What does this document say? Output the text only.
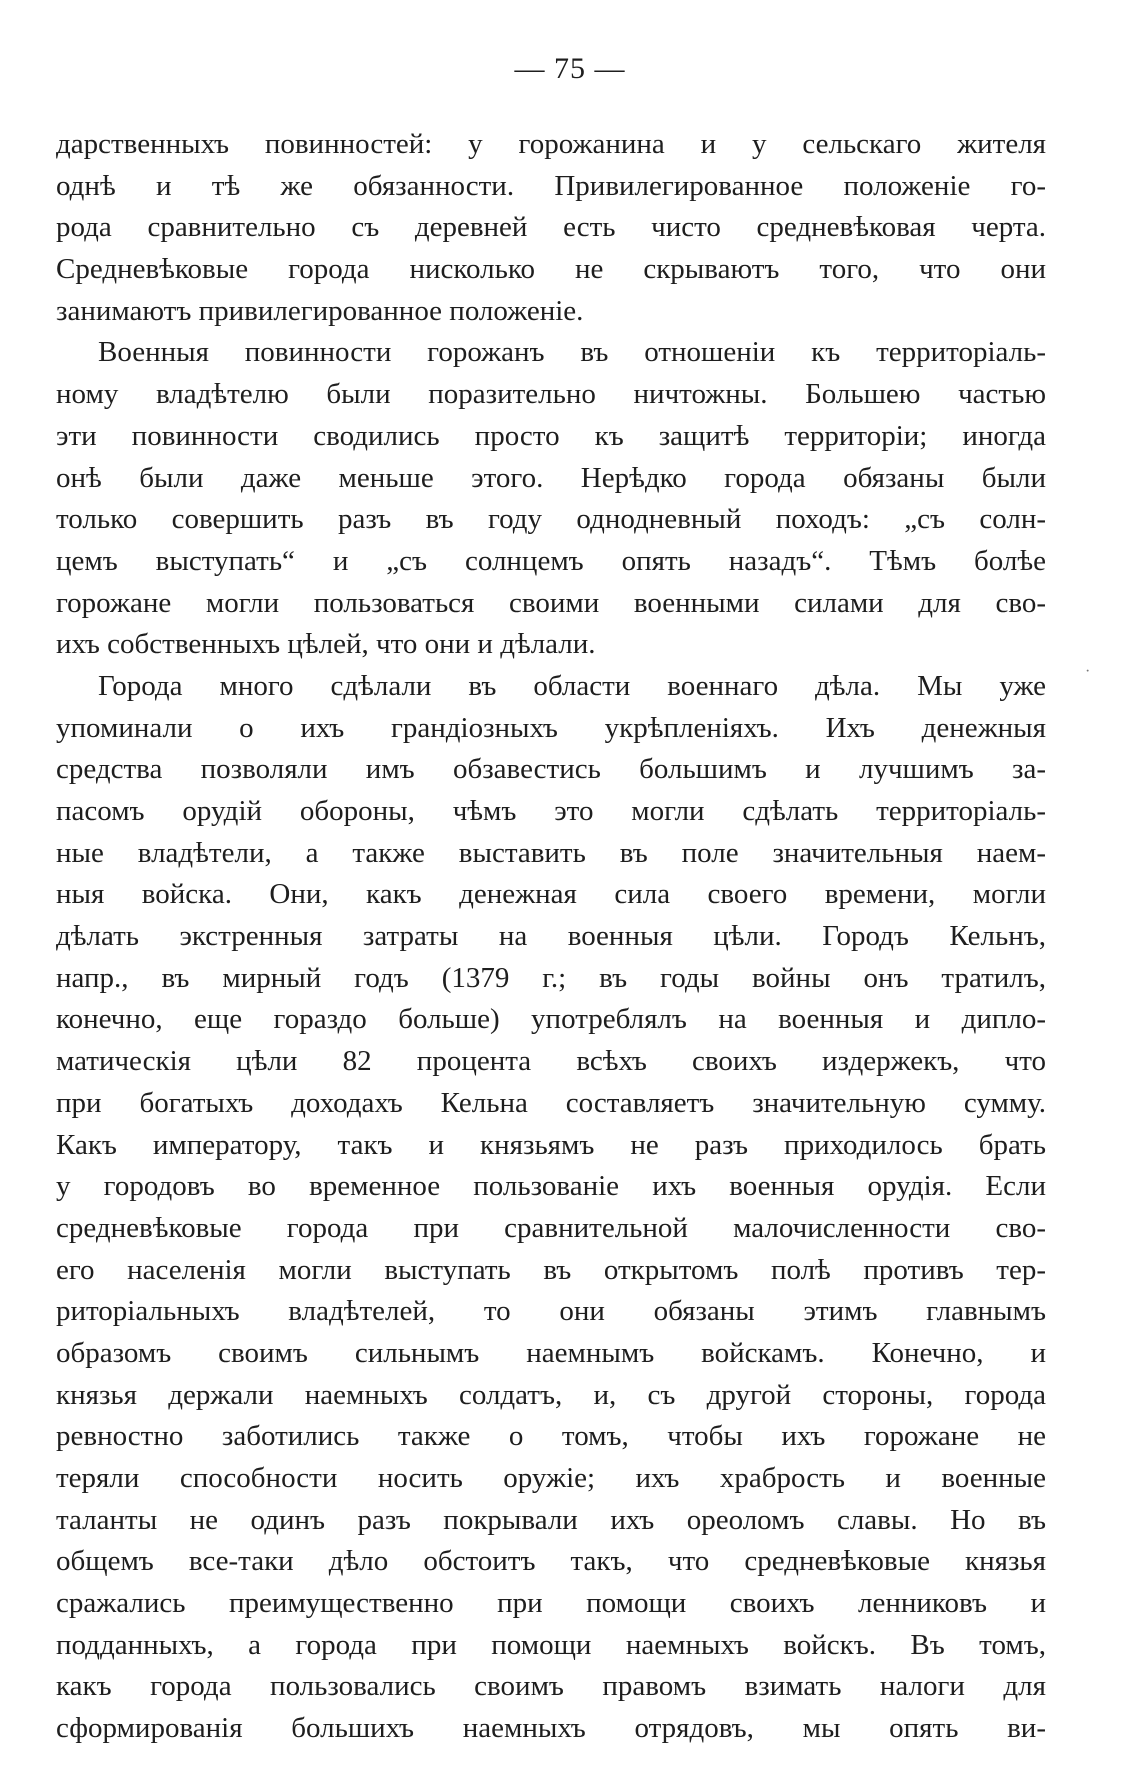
— 75 —
дарственныхъ повинностей: у горожанина и у сельскаго жителя
однѣ и тѣ же обязанности. Привилегированное положеніе го-
рода сравнительно съ деревней есть чисто средневѣковая черта.
Средневѣковые города нисколько не скрываютъ того, что они
занимаютъ привилегированное положеніе.
Военныя повинности горожанъ въ отношеніи къ территоріаль-
ному владѣтелю были поразительно ничтожны. Большею частью
эти повинности сводились просто къ защитѣ территоріи; иногда
онѣ были даже меньше этого. Нерѣдко города обязаны были
только совершить разъ въ году однодневный походъ: „съ солн-
цемъ выступать“ и „съ солнцемъ опять назадъ“. Тѣмъ болѣе
горожане могли пользоваться своими военными силами для сво-
ихъ собственныхъ цѣлей, что они и дѣлали.
Города много сдѣлали въ области военнаго дѣла. Мы уже
упоминали о ихъ грандіозныхъ укрѣпленіяхъ. Ихъ денежныя
средства позволяли имъ обзавестись большимъ и лучшимъ за-
пасомъ орудій обороны, чѣмъ это могли сдѣлать территоріаль-
ные владѣтели, а также выставить въ поле значительныя наем-
ныя войска. Они, какъ денежная сила своего времени, могли
дѣлать экстренныя затраты на военныя цѣли. Городъ Кельнъ,
напр., въ мирный годъ (1379 г.; въ годы войны онъ тратилъ,
конечно, еще гораздо больше) употреблялъ на военныя и дипло-
матическія цѣли 82 процента всѣхъ своихъ издержекъ, что
при богатыхъ доходахъ Кельна составляетъ значительную сумму.
Какъ императору, такъ и князьямъ не разъ приходилось брать
у городовъ во временное пользованіе ихъ военныя орудія. Если
средневѣковые города при сравнительной малочисленности сво-
его населенія могли выступать въ открытомъ полѣ противъ тер-
риторіальныхъ владѣтелей, то они обязаны этимъ главнымъ
образомъ своимъ сильнымъ наемнымъ войскамъ. Конечно, и
князья держали наемныхъ солдатъ, и, съ другой стороны, города
ревностно заботились также о томъ, чтобы ихъ горожане не
теряли способности носить оружіе; ихъ храбрость и военные
таланты не одинъ разъ покрывали ихъ ореоломъ славы. Но въ
общемъ все-таки дѣло обстоитъ такъ, что средневѣковые князья
сражались преимущественно при помощи своихъ ленниковъ и
подданныхъ, а города при помощи наемныхъ войскъ. Въ томъ,
какъ города пользовались своимъ правомъ взимать налоги для
сформированія большихъ наемныхъ отрядовъ, мы опять ви-
·
